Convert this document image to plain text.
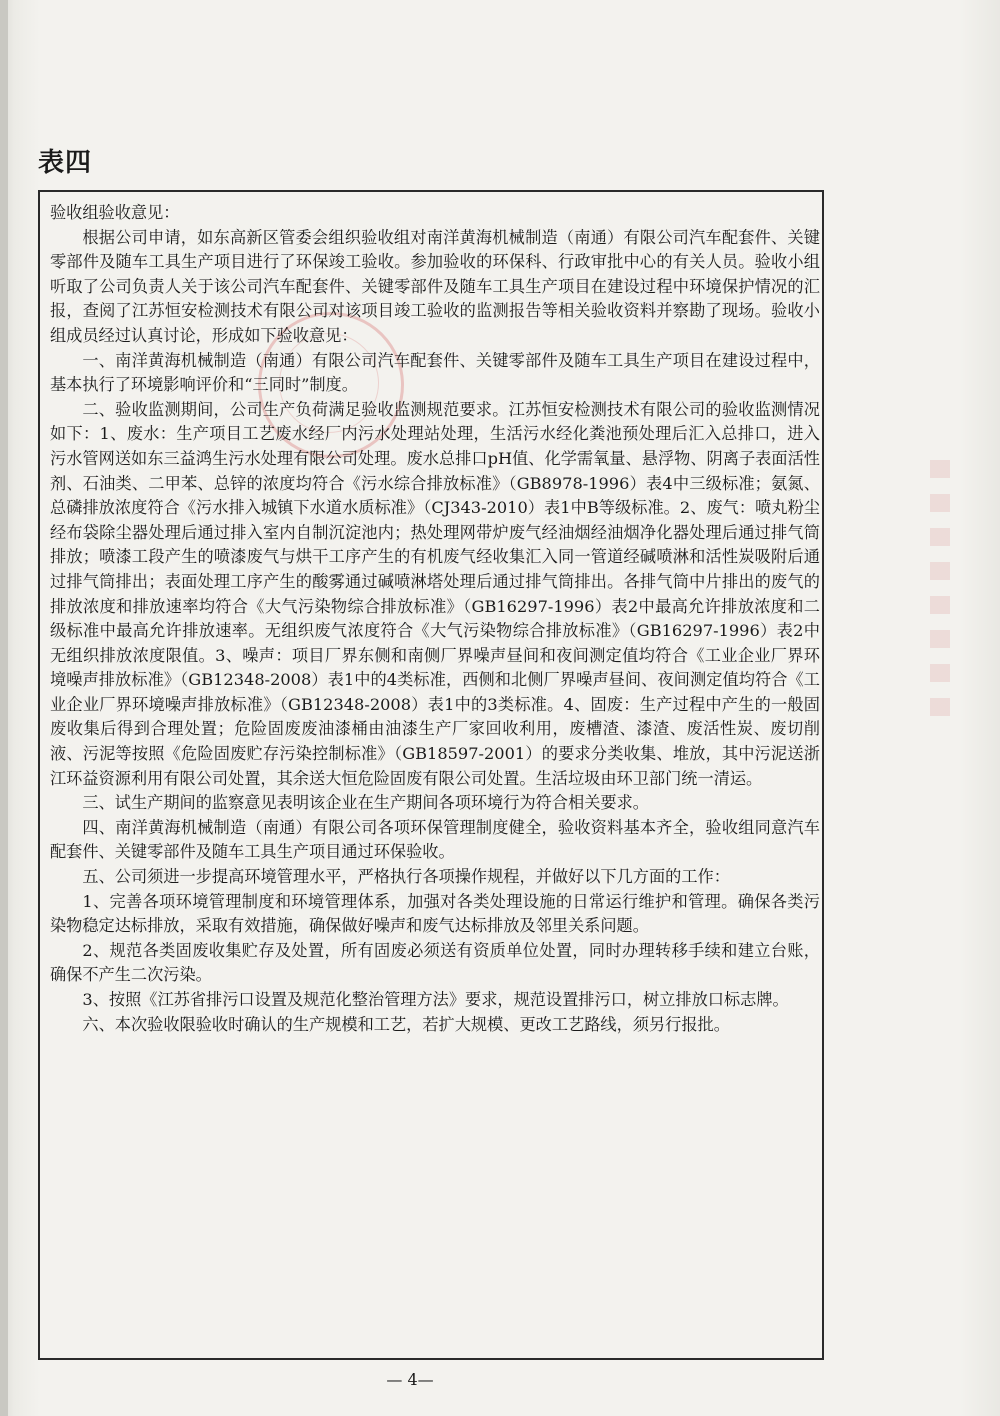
表四

验收组验收意见：

根据公司申请，如东高新区管委会组织验收组对南洋黄海机械制造（南通）有限公司汽车配套件、关键零部件及随车工具生产项目进行了环保竣工验收。参加验收的环保科、行政审批中心的有关人员。验收小组听取了公司负责人关于该公司汽车配套件、关键零部件及随车工具生产项目在建设过程中环境保护情况的汇报，查阅了江苏恒安检测技术有限公司对该项目竣工验收的监测报告等相关验收资料并察勘了现场。验收小组成员经过认真讨论，形成如下验收意见：

一、南洋黄海机械制造（南通）有限公司汽车配套件、关键零部件及随车工具生产项目在建设过程中，基本执行了环境影响评价和“三同时”制度。

二、验收监测期间，公司生产负荷满足验收监测规范要求。江苏恒安检测技术有限公司的验收监测情况如下：1、废水：生产项目工艺废水经厂内污水处理站处理，生活污水经化粪池预处理后汇入总排口，进入污水管网送如东三益鸿生污水处理有限公司处理。废水总排口pH值、化学需氧量、悬浮物、阴离子表面活性剂、石油类、二甲苯、总锌的浓度均符合《污水综合排放标准》（GB8978-1996）表4中三级标准；氨氮、总磷排放浓度符合《污水排入城镇下水道水质标准》（CJ343-2010）表1中B等级标准。2、废气：喷丸粉尘经布袋除尘器处理后通过排入室内自制沉淀池内；热处理网带炉废气经油烟经油烟净化器处理后通过排气筒排放；喷漆工段产生的喷漆废气与烘干工序产生的有机废气经收集汇入同一管道经碱喷淋和活性炭吸附后通过排气筒排出；表面处理工序产生的酸雾通过碱喷淋塔处理后通过排气筒排出。各排气筒中片排出的废气的排放浓度和排放速率均符合《大气污染物综合排放标准》（GB16297-1996）表2中最高允许排放浓度和二级标准中最高允许排放速率。无组织废气浓度符合《大气污染物综合排放标准》（GB16297-1996）表2中无组织排放浓度限值。3、噪声：项目厂界东侧和南侧厂界噪声昼间和夜间测定值均符合《工业企业厂界环境噪声排放标准》（GB12348-2008）表1中的4类标准，西侧和北侧厂界噪声昼间、夜间测定值均符合《工业企业厂界环境噪声排放标准》（GB12348-2008）表1中的3类标准。4、固废：生产过程中产生的一般固废收集后得到合理处置；危险固废废油漆桶由油漆生产厂家回收利用，废槽渣、漆渣、废活性炭、废切削液、污泥等按照《危险固废贮存污染控制标准》（GB18597-2001）的要求分类收集、堆放，其中污泥送浙江环益资源利用有限公司处置，其余送大恒危险固废有限公司处置。生活垃圾由环卫部门统一清运。

三、试生产期间的监察意见表明该企业在生产期间各项环境行为符合相关要求。

四、南洋黄海机械制造（南通）有限公司各项环保管理制度健全，验收资料基本齐全，验收组同意汽车配套件、关键零部件及随车工具生产项目通过环保验收。

五、公司须进一步提高环境管理水平，严格执行各项操作规程，并做好以下几方面的工作：

1、完善各项环境管理制度和环境管理体系，加强对各类处理设施的日常运行维护和管理。确保各类污染物稳定达标排放，采取有效措施，确保做好噪声和废气达标排放及邻里关系问题。

2、规范各类固废收集贮存及处置，所有固废必须送有资质单位处置，同时办理转移手续和建立台账，确保不产生二次污染。

3、按照《江苏省排污口设置及规范化整治管理方法》要求，规范设置排污口，树立排放口标志牌。

六、本次验收限验收时确认的生产规模和工艺，若扩大规模、更改工艺路线，须另行报批。

— 4—
